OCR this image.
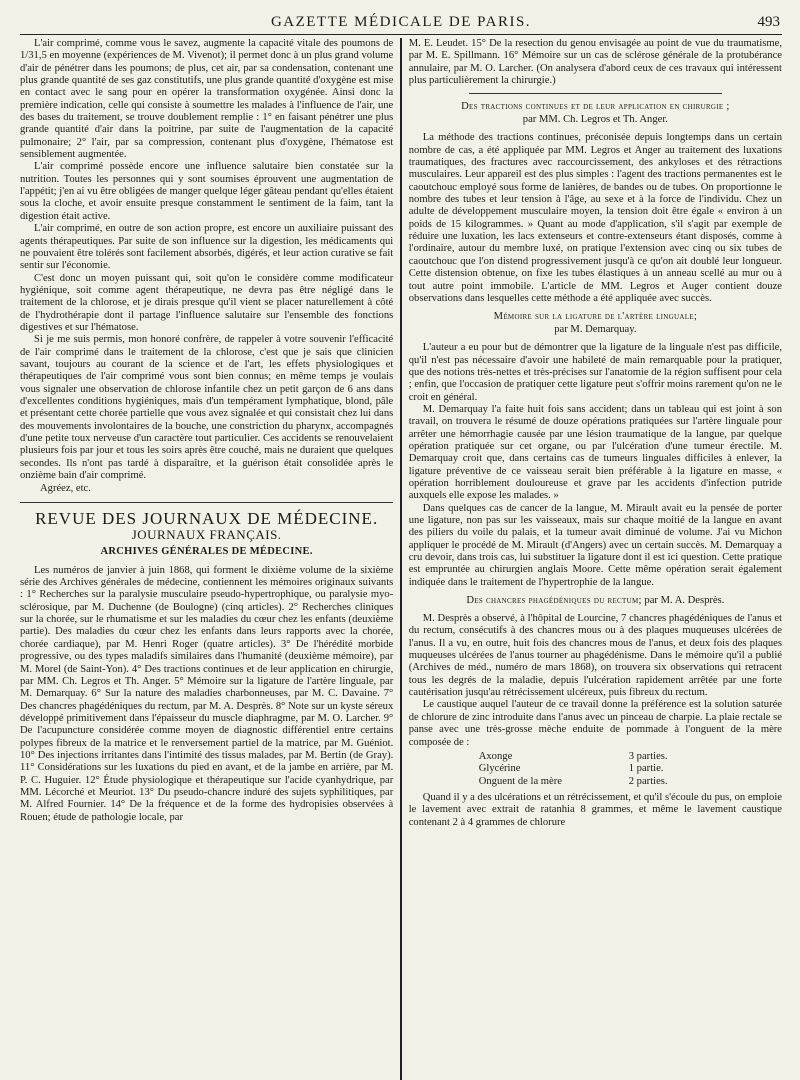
GAZETTE MÉDICALE DE PARIS.	493

L'air comprimé, comme vous le savez, augmente la capacité vitale des poumons de 1/31,5 en moyenne (expériences de M. Vivenot); il permet donc à un plus grand volume d'air de pénétrer dans les poumons; de plus, cet air, par sa condensation, contenant une plus grande quantité de ses gaz constitutifs, une plus grande quantité d'oxygène est mise en contact avec le sang pour en opérer la transformation oxygénée. Ainsi donc la première indication, celle qui consiste à soumettre les malades à l'influence de l'air, une des bases du traitement, se trouve doublement remplie : 1° en faisant pénétrer une plus grande quantité d'air dans la poitrine, par suite de l'augmentation de la capacité pulmonaire; 2° l'air, par sa compression, contenant plus d'oxygène, l'hématose est sensiblement augmentée.

L'air comprimé possède encore une influence salutaire bien constatée sur la nutrition. Toutes les personnes qui y sont soumises éprouvent une augmentation de l'appétit; j'en ai vu être obligées de manger quelque léger gâteau pendant qu'elles étaient sous la cloche, et avoir ensuite presque constamment le sentiment de la faim, tant la digestion était active.

L'air comprimé, en outre de son action propre, est encore un auxiliaire puissant des agents thérapeutiques. Par suite de son influence sur la digestion, les médicaments qui ne pouvaient être tolérés sont facilement absorbés, digérés, et leur action curative se fait sentir sur l'économie.

C'est donc un moyen puissant qui, soit qu'on le considère comme modificateur hygiénique, soit comme agent thérapeutique, ne devra pas être négligé dans le traitement de la chlorose, et je dirais presque qu'il vient se placer naturellement à côté de l'hydrothérapie dont il partage l'influence salutaire sur l'ensemble des fonctions digestives et sur l'hématose.

Si je me suis permis, mon honoré confrère, de rappeler à votre souvenir l'efficacité de l'air comprimé dans le traitement de la chlorose, c'est que je sais que clinicien savant, toujours au courant de la science et de l'art, les effets physiologiques et thérapeutiques de l'air comprimé vous sont bien connus; en même temps je voulais vous signaler une observation de chlorose infantile chez un petit garçon de 6 ans dans d'excellentes conditions hygiéniques, mais d'un tempérament lymphatique, blond, pâle et présentant cette chorée partielle que vous avez signalée et qui consistait chez lui dans des mouvements involontaires de la bouche, une constriction du pharynx, accompagnés d'une petite toux nerveuse d'un caractère tout particulier. Ces accidents se renouvelaient plusieurs fois par jour et tous les soirs après être couché, mais ne duraient que quelques secondes. Ils n'ont pas tardé à disparaître, et la guérison était consolidée après le onzième bain d'air comprimé.

Agréez, etc.

REVUE DES JOURNAUX DE MÉDECINE.
JOURNAUX FRANÇAIS.
ARCHIVES GÉNÉRALES DE MÉDECINE.

Les numéros de janvier à juin 1868, qui forment le dixième volume de la sixième série des Archives générales de médecine, contiennent les mémoires originaux suivants : 1° Recherches sur la paralysie musculaire pseudo-hypertrophique, ou paralysie myo-sclérosique, par M. Duchenne (de Boulogne) (cinq articles). 2° Recherches cliniques sur la chorée, sur le rhumatisme et sur les maladies du cœur chez les enfants (deuxième partie). Des maladies du cœur chez les enfants dans leurs rapports avec la chorée, chorée cardiaque), par M. Henri Roger (quatre articles). 3° De l'hérédité morbide progressive, ou des types maladifs similaires dans l'humanité (deuxième mémoire), par M. Morel (de Saint-Yon). 4° Des tractions continues et de leur application en chirurgie, par MM. Ch. Legros et Th. Anger. 5° Mémoire sur la ligature de l'artère linguale, par M. Demarquay. 6° Sur la nature des maladies charbonneuses, par M. C. Davaine. 7° Des chancres phagédéniques du rectum, par M. A. Desprès. 8° Note sur un kyste séreux développé primitivement dans l'épaisseur du muscle diaphragme, par M. O. Larcher. 9° De l'acupuncture considérée comme moyen de diagnostic différentiel entre certains polypes fibreux de la matrice et le renversement partiel de la matrice, par M. Guéniot. 10° Des injections irritantes dans l'intimité des tissus malades, par M. Bertin (de Gray). 11° Considérations sur les luxations du pied en avant, et de la jambe en arrière, par M. P. C. Huguier. 12° Étude physiologique et thérapeutique sur l'acide cyanhydrique, par MM. Lécorché et Meuriot. 13° Du pseudo-chancre induré des sujets syphilitiques, par M. Alfred Fournier. 14° De la fréquence et de la forme des hydropisies observées à Rouen; étude de pathologie locale, par

M. E. Leudet. 15° De la resection du genou envisagée au point de vue du traumatisme, par M. E. Spillmann. 16° Mémoire sur un cas de sclérose générale de la protubérance annulaire, par M. O. Larcher. (On analysera d'abord ceux de ces travaux qui intéressent plus particulièrement la chirurgie.)

Des tractions continues et de leur application en chirurgie ;
par MM. Ch. Legros et Th. Anger.

La méthode des tractions continues, préconisée depuis longtemps dans un certain nombre de cas, a été appliquée par MM. Legros et Anger au traitement des luxations traumatiques, des fractures avec raccourcissement, des ankyloses et des rétractions musculaires. Leur appareil est des plus simples : l'agent des tractions permanentes est le caoutchouc employé sous forme de lanières, de bandes ou de tubes. On proportionne le nombre des tubes et leur tension à l'âge, au sexe et à la force de l'individu. Chez un adulte de développement musculaire moyen, la tension doit être égale « environ à un poids de 15 kilogrammes. » Quant au mode d'application, s'il s'agit par exemple de réduire une luxation, les lacs extenseurs et contre-extenseurs étant disposés, comme à l'ordinaire, autour du membre luxé, on pratique l'extension avec cinq ou six tubes de caoutchouc que l'on distend progressivement jusqu'à ce qu'on ait doublé leur longueur. Cette distension obtenue, on fixe les tubes élastiques à un anneau scellé au mur ou à tout autre point immobile. L'article de MM. Legros et Auger contient douze observations dans lesquelles cette méthode a été appliquée avec succès.

Mémoire sur la ligature de l'artère linguale;
par M. Demarquay.

L'auteur a eu pour but de démontrer que la ligature de la linguale n'est pas difficile, qu'il n'est pas nécessaire d'avoir une habileté de main remarquable pour la pratiquer, que des notions très-nettes et très-précises sur l'anatomie de la région suffisent pour cela ; enfin, que l'occasion de pratiquer cette ligature peut s'offrir moins rarement qu'on ne le croit en général.

M. Demarquay l'a faite huit fois sans accident; dans un tableau qui est joint à son travail, on trouvera le résumé de douze opérations pratiquées sur l'artère linguale pour arrêter une hémorrhagie causée par une lésion traumatique de la langue, par quelque opération pratiquée sur cet organe, ou par l'ulcération d'une tumeur érectile. M. Demarquay croit que, dans certains cas de tumeurs linguales difficiles à enlever, la ligature préventive de ce vaisseau serait bien préférable à la ligature en masse, « opération horriblement douloureuse et grave par les accidents d'infection putride auxquels elle expose les malades. »

Dans quelques cas de cancer de la langue, M. Mirault avait eu la pensée de porter une ligature, non pas sur les vaisseaux, mais sur chaque moitié de la langue en avant des piliers du voile du palais, et la tumeur avait diminué de volume. J'ai vu Michon appliquer le procédé de M. Mirault (d'Angers) avec un certain succès. M. Demarquay a cru devoir, dans trois cas, lui substituer la ligature dont il est ici question. Cette pratique est empruntée au chirurgien anglais Moore. Cette même opération serait également indiquée dans le traitement de l'hypertrophie de la langue.

Des chancres phagédéniques du rectum; par M. A. Desprès.

M. Desprès a observé, à l'hôpital de Lourcine, 7 chancres phagédéniques de l'anus et du rectum, consécutifs à des chancres mous ou à des plaques muqueuses ulcérées de l'anus. Il a vu, en outre, huit fois des chancres mous de l'anus, et deux fois des plaques muqueuses ulcérées de l'anus tourner au phagédénisme. Dans le mémoire qu'il a publié (Archives de méd., numéro de mars 1868), on trouvera six observations qui retracent tous les degrés de la maladie, depuis l'ulcération rapidement arrêtée par une forte cautérisation jusqu'au rétrécissement ulcéreux, puis fibreux du rectum.

Le caustique auquel l'auteur de ce travail donne la préférence est la solution saturée de chlorure de zinc introduite dans l'anus avec un pinceau de charpie. La plaie rectale se panse avec une très-grosse mèche enduite de pommade à l'onguent de la mère composée de :

Axonge	3 parties.
Glycérine	1 partie.
Onguent de la mère	2 parties.

Quand il y a des ulcérations et un rétrécissement, et qu'il s'écoule du pus, on emploie le lavement avec extrait de ratanhia 8 grammes, et même le lavement caustique contenant 2 à 4 grammes de chlorure
